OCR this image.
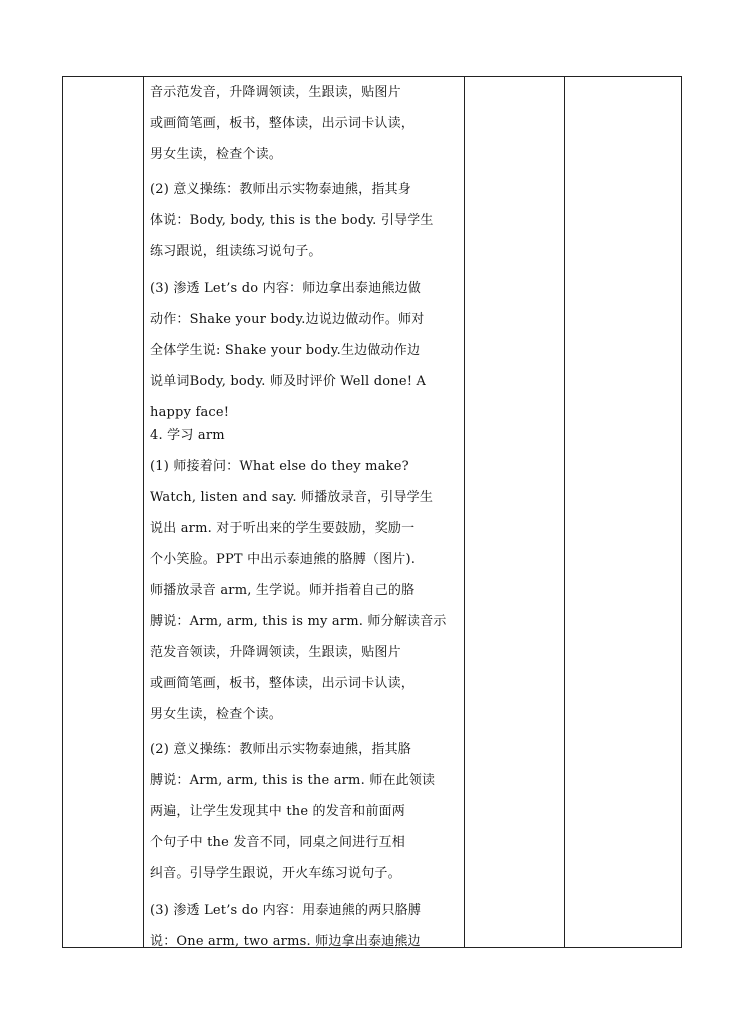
音示范发音，升降调领读，生跟读，贴图片
或画简笔画，板书，整体读，出示词卡认读，
男女生读，检查个读。
(2) 意义操练：教师出示实物泰迪熊，指其身
体说：Body, body, this is the body. 引导学生
练习跟说，组读练习说句子。
(3) 渗透 Let’s do 内容：师边拿出泰迪熊边做
动作：Shake your body.边说边做动作。师对
全体学生说: Shake your body.生边做动作边
说单词Body, body. 师及时评价 Well done! A
happy face!
4. 学习 arm
(1) 师接着问：What else do they make?
Watch, listen and say. 师播放录音，引导学生
说出 arm. 对于听出来的学生要鼓励，奖励一
个小笑脸。PPT 中出示泰迪熊的胳膊（图片).
师播放录音 arm, 生学说。师并指着自己的胳
膊说：Arm, arm, this is my arm. 师分解读音示
范发音领读，升降调领读，生跟读，贴图片
或画简笔画，板书，整体读，出示词卡认读，
男女生读，检查个读。
(2) 意义操练：教师出示实物泰迪熊，指其胳
膊说：Arm, arm, this is the arm. 师在此领读
两遍，让学生发现其中 the 的发音和前面两
个句子中 the 发音不同，同桌之间进行互相
纠音。引导学生跟说，开火车练习说句子。
(3) 渗透 Let’s do 内容：用泰迪熊的两只胳膊
说：One arm, two arms. 师边拿出泰迪熊边
